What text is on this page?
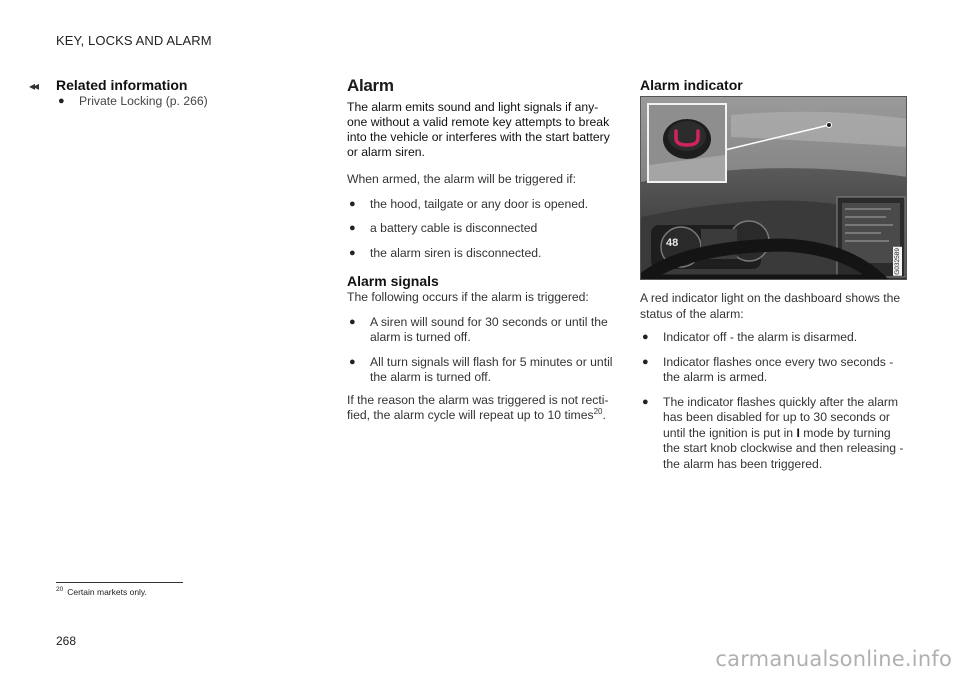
KEY, LOCKS AND ALARM
◂◂ Related information
● Private Locking (p. 266)
Alarm

The alarm emits sound and light signals if any-one without a valid remote key attempts to break into the vehicle or interferes with the start battery or alarm siren.

When armed, the alarm will be triggered if:

● the hood, tailgate or any door is opened.
● a battery cable is disconnected
● the alarm siren is disconnected.
Alarm signals

The following occurs if the alarm is triggered:

● A siren will sound for 30 seconds or until the alarm is turned off.
● All turn signals will flash for 5 minutes or until the alarm is turned off.

If the reason the alarm was triggered is not recti-fied, the alarm cycle will repeat up to 10 times$^{20}$.

Alarm indicator
48
G032589

A red indicator light on the dashboard shows the status of the alarm:

● Indicator off - the alarm is disarmed.
● Indicator flashes once every two seconds - the alarm is armed.
● The indicator flashes quickly after the alarm has been disabled for up to 30 seconds or until the ignition is put in I mode by turning the start knob clockwise and then releasing - the alarm has been triggered.
$^{20}$ Certain markets only.
268
carmanualsonline.info
